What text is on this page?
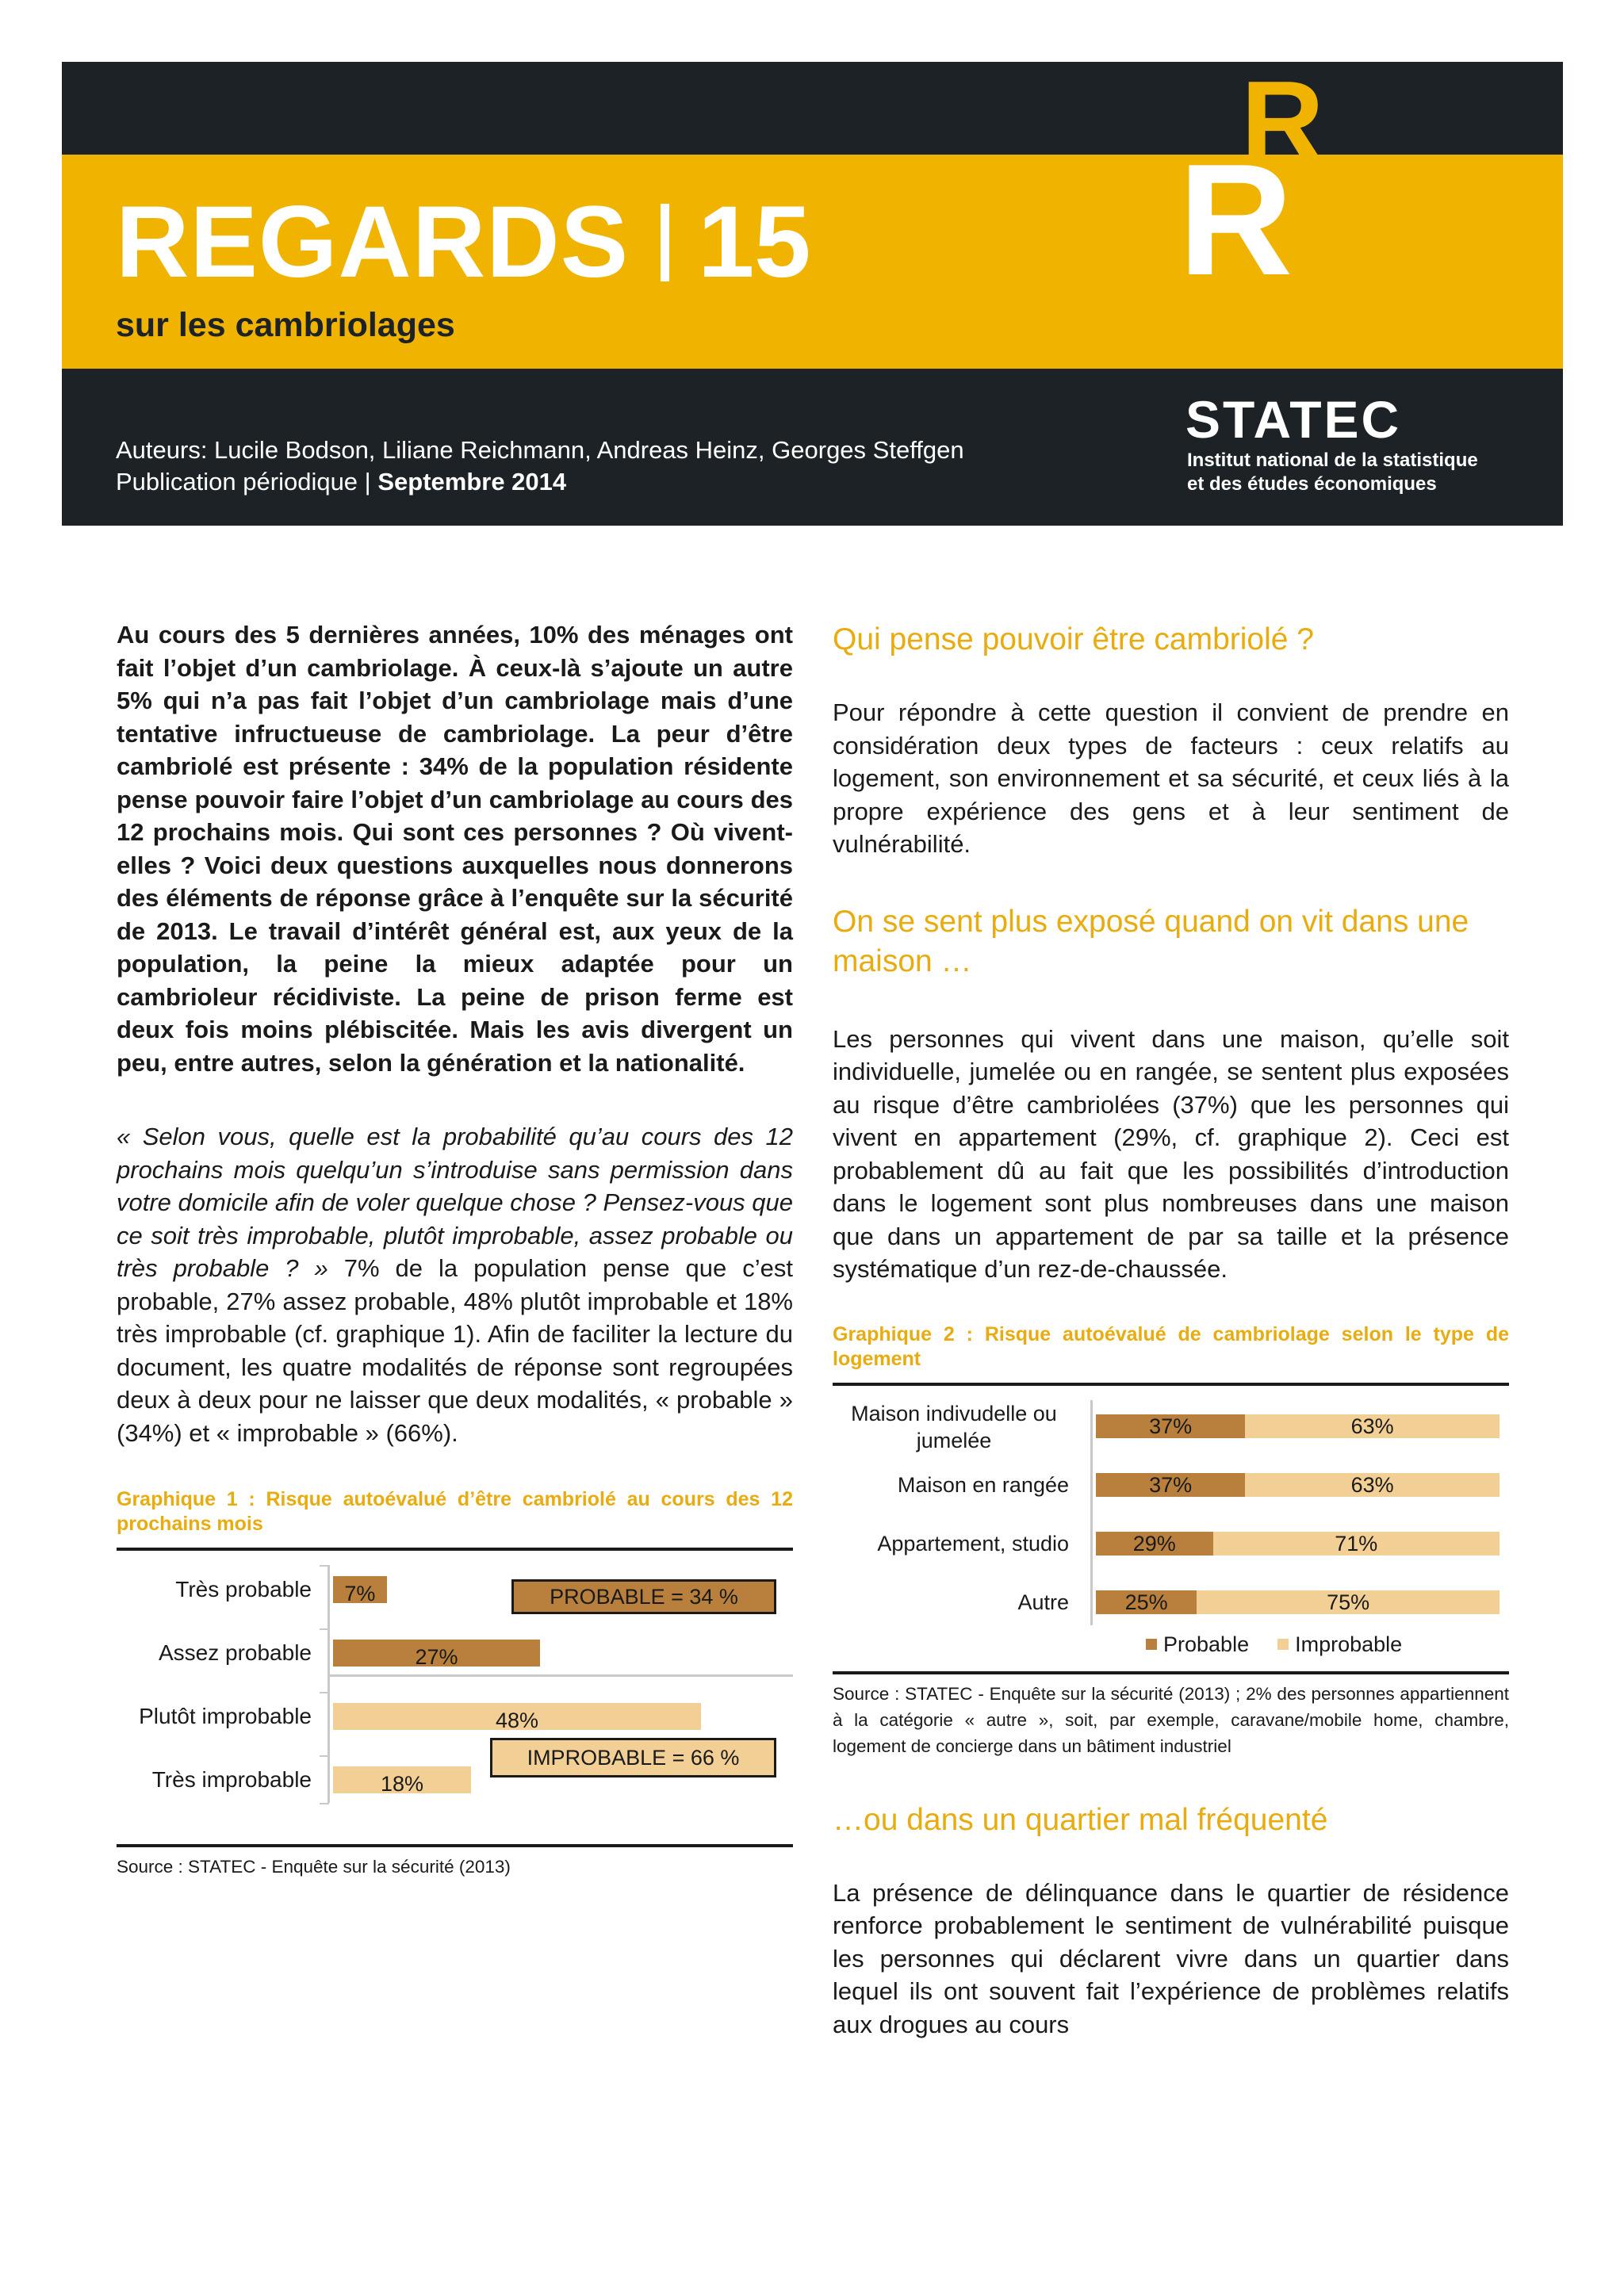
REGARDS 15
sur les cambriolages
R
R
Auteurs: Lucile Bodson, Liliane Reichmann, Andreas Heinz, Georges Steffgen
Publication périodique | Septembre 2014
STATEC
Institut national de la statistique
et des études économiques

Au cours des 5 dernières années, 10% des ménages ont fait l’objet d’un cambriolage. À ceux-là s’ajoute un autre 5% qui n’a pas fait l’objet d’un cambriolage mais d’une tentative infructueuse de cambriolage. La peur d’être cambriolé est présente : 34% de la population résidente pense pouvoir faire l’objet d’un cambriolage au cours des 12 prochains mois. Qui sont ces personnes ? Où vivent-elles ? Voici deux questions auxquelles nous donnerons des éléments de réponse grâce à l’enquête sur la sécurité de 2013. Le travail d’intérêt général est, aux yeux de la population, la peine la mieux adaptée pour un cambrioleur récidiviste. La peine de prison ferme est deux fois moins plébiscitée. Mais les avis divergent un peu, entre autres, selon la génération et la nationalité.

« Selon vous, quelle est la probabilité qu’au cours des 12 prochains mois quelqu’un s’introduise sans permission dans votre domicile afin de voler quelque chose ? Pensez-vous que ce soit très improbable, plutôt improbable, assez probable ou très probable ? » 7% de la population pense que c’est probable, 27% assez probable, 48% plutôt improbable et 18% très improbable (cf. graphique 1). Afin de faciliter la lecture du document, les quatre modalités de réponse sont regroupées deux à deux pour ne laisser que deux modalités, « probable » (34%) et « improbable » (66%).

Graphique 1 : Risque autoévalué d’être cambriolé au cours des 12 prochains mois
Très probable	7%
Assez probable	27%
Plutôt improbable	48%
Très improbable	18%
PROBABLE = 34 %
IMPROBABLE = 66 %
Source : STATEC - Enquête sur la sécurité (2013)
Qui pense pouvoir être cambriolé ?

Pour répondre à cette question il convient de prendre en considération deux types de facteurs : ceux relatifs au logement, son environnement et sa sécurité, et ceux liés à la propre expérience des gens et à leur sentiment de vulnérabilité.

On se sent plus exposé quand on vit dans une maison …

Les personnes qui vivent dans une maison, qu’elle soit individuelle, jumelée ou en rangée, se sentent plus exposées au risque d’être cambriolées (37%) que les personnes qui vivent en appartement (29%, cf. graphique 2). Ceci est probablement dû au fait que les possibilités d’introduction dans le logement sont plus nombreuses dans une maison que dans un appartement de par sa taille et la présence systématique d’un rez-de-chaussée.

Graphique 2 : Risque autoévalué de cambriolage selon le type de logement
Maison indivudelle ou jumelée
37%	63%
Maison en rangée	37%	63%
Appartement, studio	29%	71%
Autre	25%	75%
Probable Improbable
Source : STATEC - Enquête sur la sécurité (2013) ; 2% des personnes appartiennent à la catégorie « autre », soit, par exemple, caravane/mobile home, chambre, logement de concierge dans un bâtiment industriel
…ou dans un quartier mal fréquenté

La présence de délinquance dans le quartier de résidence renforce probablement le sentiment de vulnérabilité puisque les personnes qui déclarent vivre dans un quartier dans lequel ils ont souvent fait l’expérience de problèmes relatifs aux drogues au cours
